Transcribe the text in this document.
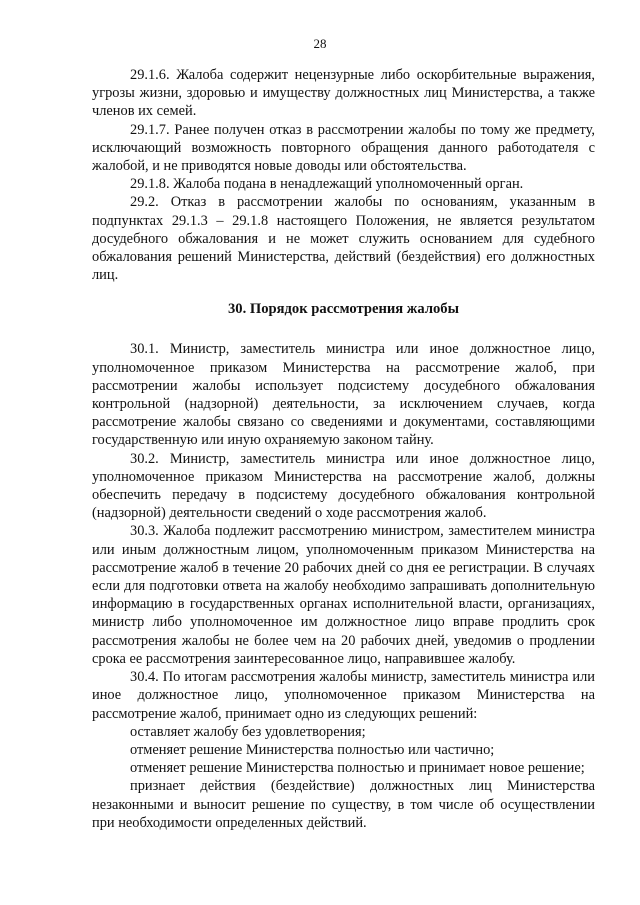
28

29.1.6. Жалоба содержит нецензурные либо оскорбительные выражения, угрозы жизни, здоровью и имуществу должностных лиц Министерства, а также членов их семей.

29.1.7. Ранее получен отказ в рассмотрении жалобы по тому же предмету, исключающий возможность повторного обращения данного работодателя с жалобой, и не приводятся новые доводы или обстоятельства.

29.1.8. Жалоба подана в ненадлежащий уполномоченный орган.

29.2. Отказ в рассмотрении жалобы по основаниям, указанным в подпунктах 29.1.3 – 29.1.8 настоящего Положения, не является результатом досудебного обжалования и не может служить основанием для судебного обжалования решений Министерства, действий (бездействия) его должностных лиц.

30. Порядок рассмотрения жалобы

30.1. Министр, заместитель министра или иное должностное лицо, уполномоченное приказом Министерства на рассмотрение жалоб, при рассмотрении жалобы использует подсистему досудебного обжалования контрольной (надзорной) деятельности, за исключением случаев, когда рассмотрение жалобы связано со сведениями и документами, составляющими государственную или иную охраняемую законом тайну.

30.2. Министр, заместитель министра или иное должностное лицо, уполномоченное приказом Министерства на рассмотрение жалоб, должны обеспечить передачу в подсистему досудебного обжалования контрольной (надзорной) деятельности сведений о ходе рассмотрения жалоб.

30.3. Жалоба подлежит рассмотрению министром, заместителем министра или иным должностным лицом, уполномоченным приказом Министерства на рассмотрение жалоб в течение 20 рабочих дней со дня ее регистрации. В случаях если для подготовки ответа на жалобу необходимо запрашивать дополнительную информацию в государственных органах исполнительной власти, организациях, министр либо уполномоченное им должностное лицо вправе продлить срок рассмотрения жалобы не более чем на 20 рабочих дней, уведомив о продлении срока ее рассмотрения заинтересованное лицо, направившее жалобу.

30.4. По итогам рассмотрения жалобы министр, заместитель министра или иное должностное лицо, уполномоченное приказом Министерства на рассмотрение жалоб, принимает одно из следующих решений:

оставляет жалобу без удовлетворения;

отменяет решение Министерства полностью или частично;

отменяет решение Министерства полностью и принимает новое решение;

признает действия (бездействие) должностных лиц Министерства незаконными и выносит решение по существу, в том числе об осуществлении при необходимости определенных действий.
